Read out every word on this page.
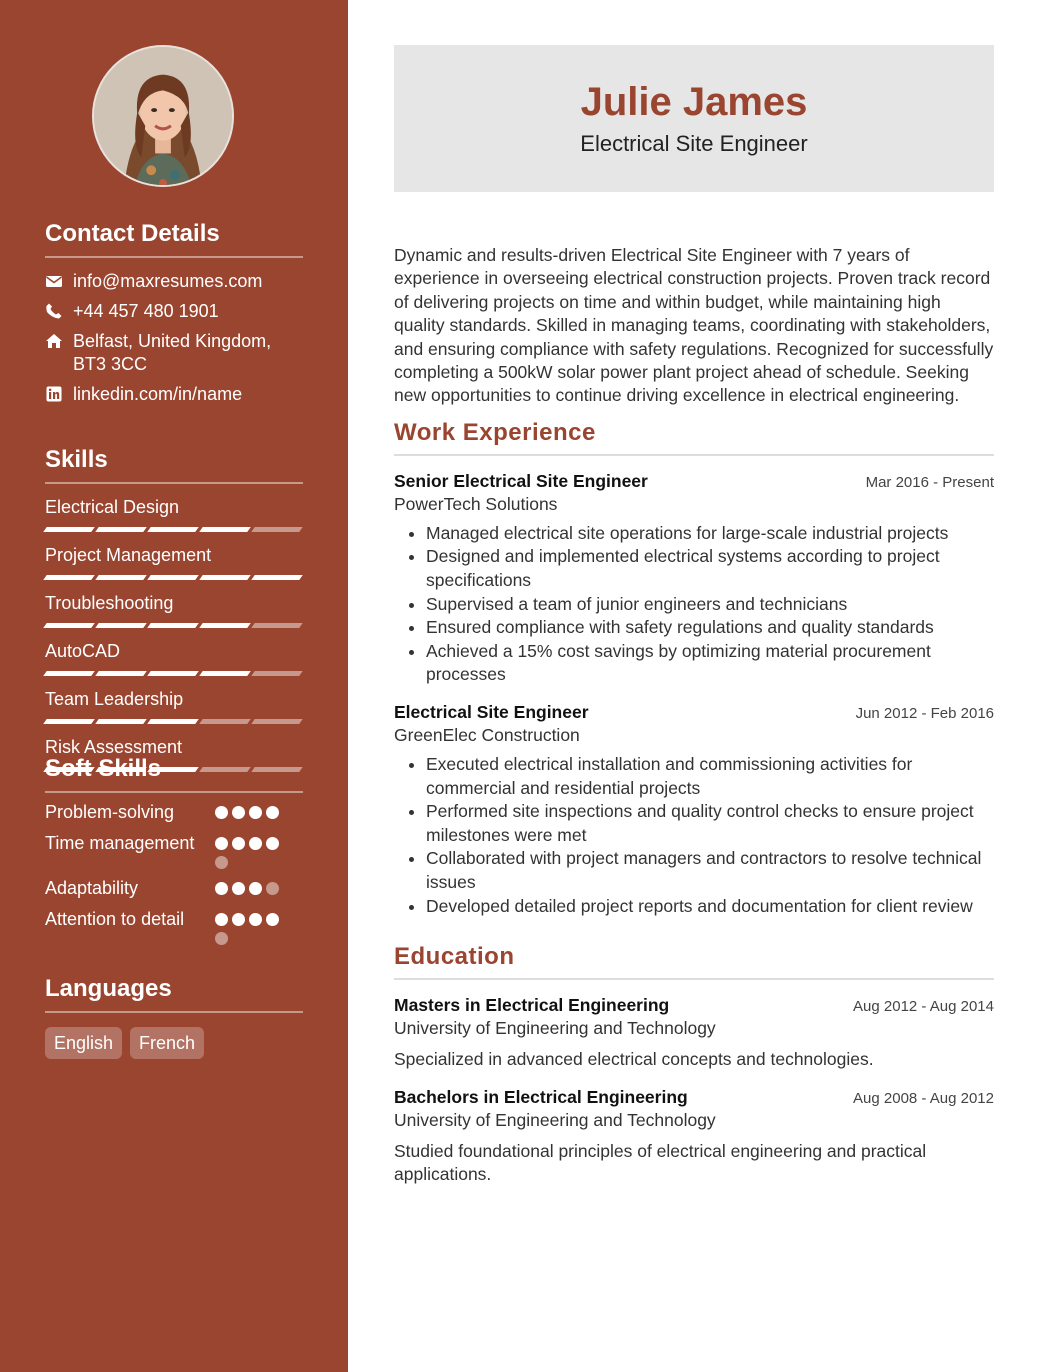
Contact Details
info@maxresumes.com
+44 457 480 1901
Belfast, United Kingdom, BT3 3CC
linkedin.com/in/name
Skills
Electrical Design
Project Management
Troubleshooting
AutoCAD
Team Leadership
Risk Assessment
Soft Skills
Problem-solving
Time management
Adaptability
Attention to detail
Languages
English	French
Julie James
Electrical Site Engineer
Dynamic and results-driven Electrical Site Engineer with 7 years of experience in overseeing electrical construction projects. Proven track record of delivering projects on time and within budget, while maintaining high quality standards. Skilled in managing teams, coordinating with stakeholders, and ensuring compliance with safety regulations. Recognized for successfully completing a 500kW solar power plant project ahead of schedule. Seeking new opportunities to continue driving excellence in electrical engineering.
Work Experience
Senior Electrical Site Engineer	Mar 2016 - Present
PowerTech Solutions
• Managed electrical site operations for large-scale industrial projects
• Designed and implemented electrical systems according to project specifications
• Supervised a team of junior engineers and technicians
• Ensured compliance with safety regulations and quality standards
• Achieved a 15% cost savings by optimizing material procurement processes
Electrical Site Engineer	Jun 2012 - Feb 2016
GreenElec Construction
• Executed electrical installation and commissioning activities for commercial and residential projects
• Performed site inspections and quality control checks to ensure project milestones were met
• Collaborated with project managers and contractors to resolve technical issues
• Developed detailed project reports and documentation for client review
Education
Masters in Electrical Engineering	Aug 2012 - Aug 2014
University of Engineering and Technology
Specialized in advanced electrical concepts and technologies.
Bachelors in Electrical Engineering	Aug 2008 - Aug 2012
University of Engineering and Technology
Studied foundational principles of electrical engineering and practical applications.
